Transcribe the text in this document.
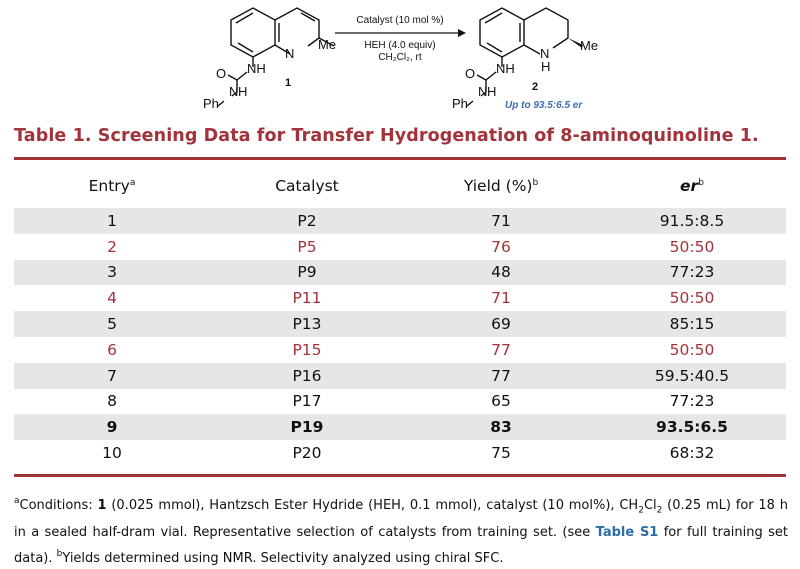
N
Me
NH
O
N H
Ph
1
Catalyst (10 mol %)
HEH (4.0 equiv)
CH₂Cl₂, rt	N
H
Me
NH
O
N H
Ph
2
Up to 93.5:6.5 er
Table 1. Screening Data for Transfer Hydrogenation of 8-aminoquinoline 1.
Entry$^a$	Catalyst	Yield (%)$^b$	$er^b$
1	P2	71	91.5:8.5
2	P5	76	50:50
3	P9	48	77:23
4	P11	71	50:50
5	P13	69	85:15
6	P15	77	50:50
7	P16	77	59.5:40.5
8	P17	65	77:23
9	P19	83	93.5:6.5
10	P20	75	68:32
$^a$Conditions: 1 (0.025 mmol), Hantzsch Ester Hydride (HEH, 0.1 mmol), catalyst (10 mol%), $CH_2Cl_2$ (0.25 mL) for 18 h in a sealed half-dram vial. Representative selection of catalysts from training set. (see Table S1 for full training set data). $^b$Yields determined using NMR. Selectivity analyzed using chiral SFC.
